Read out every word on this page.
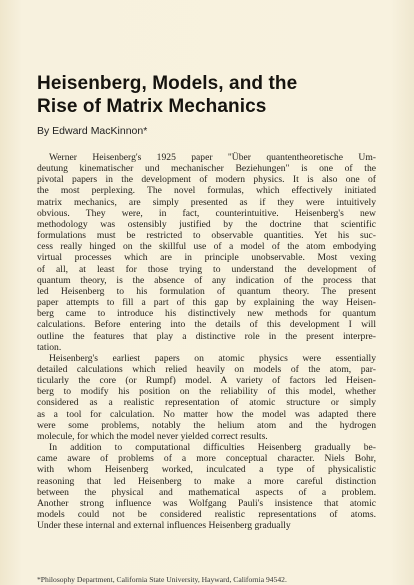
Heisenberg, Models, and the
Rise of Matrix Mechanics
By Edward MacKinnon*
Werner Heisenberg's 1925 paper "Über quantentheoretische Um-
deutung kinematischer und mechanischer Beziehungen" is one of the
pivotal papers in the development of modern physics. It is also one of
the most perplexing. The novel formulas, which effectively initiated
matrix mechanics, are simply presented as if they were intuitively
obvious. They were, in fact, counterintuitive. Heisenberg's new
methodology was ostensibly justified by the doctrine that scientific
formulations must be restricted to observable quantities. Yet his suc-
cess really hinged on the skillful use of a model of the atom embodying
virtual processes which are in principle unobservable. Most vexing
of all, at least for those trying to understand the development of
quantum theory, is the absence of any indication of the process that
led Heisenberg to his formulation of quantum theory. The present
paper attempts to fill a part of this gap by explaining the way Heisen-
berg came to introduce his distinctively new methods for quantum
calculations. Before entering into the details of this development I will
outline the features that play a distinctive role in the present interpre-
tation.
Heisenberg's earliest papers on atomic physics were essentially
detailed calculations which relied heavily on models of the atom, par-
ticularly the core (or Rumpf) model. A variety of factors led Heisen-
berg to modify his position on the reliability of this model, whether
considered as a realistic representation of atomic structure or simply
as a tool for calculation. No matter how the model was adapted there
were some problems, notably the helium atom and the hydrogen
molecule, for which the model never yielded correct results.
In addition to computational difficulties Heisenberg gradually be-
came aware of problems of a more conceptual character. Niels Bohr,
with whom Heisenberg worked, inculcated a type of physicalistic
reasoning that led Heisenberg to make a more careful distinction
between the physical and mathematical aspects of a problem.
Another strong influence was Wolfgang Pauli's insistence that atomic
models could not be considered realistic representations of atoms.
Under these internal and external influences Heisenberg gradually
*Philosophy Department, California State University, Hayward, California 94542.
